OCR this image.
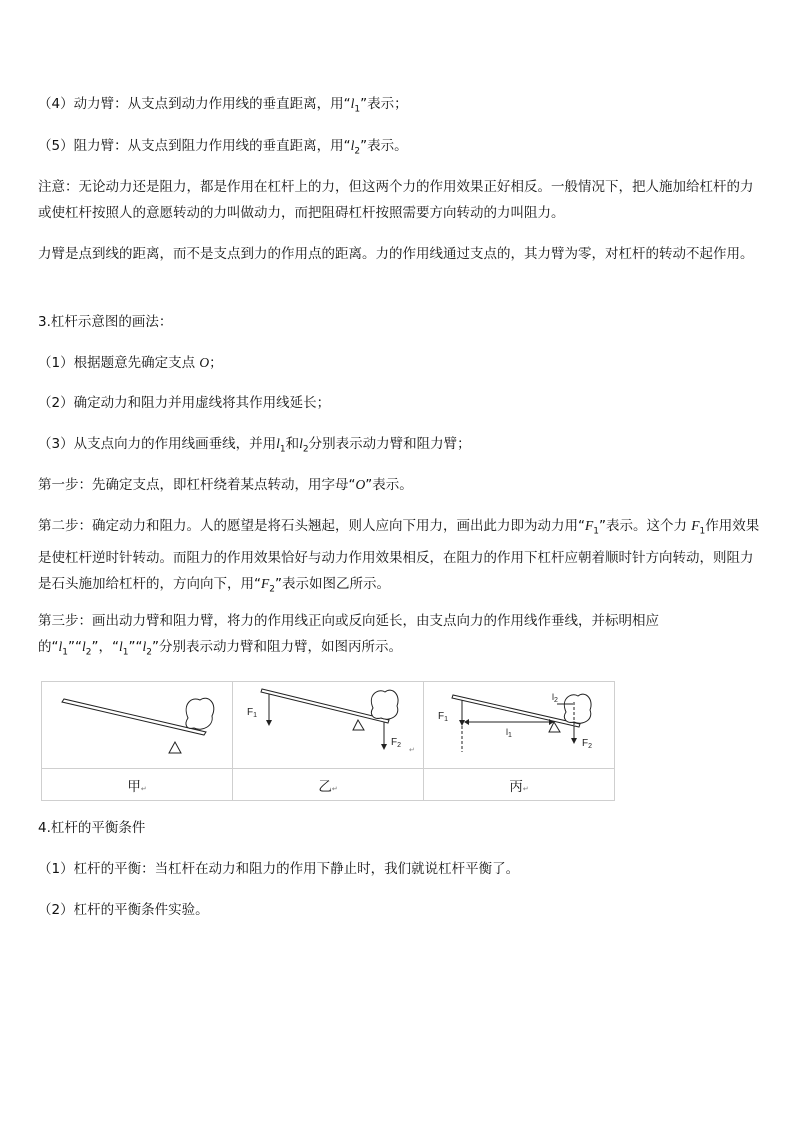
（4）动力臂：从支点到动力作用线的垂直距离，用“$l_1$”表示；
（5）阻力臂：从支点到阻力作用线的垂直距离，用“$l_2$”表示。
注意：无论动力还是阻力，都是作用在杠杆上的力，但这两个力的作用效果正好相反。一般情况下，把人施加给杠杆的力或使杠杆按照人的意愿转动的力叫做动力，而把阻碍杠杆按照需要方向转动的力叫阻力。
力臂是点到线的距离，而不是支点到力的作用点的距离。力的作用线通过支点的，其力臂为零，对杠杆的转动不起作用。
3.杠杆示意图的画法：
（1）根据题意先确定支点 O；
（2）确定动力和阻力并用虚线将其作用线延长；
（3）从支点向力的作用线画垂线，并用$l_1$和$l_2$分别表示动力臂和阻力臂；
第一步：先确定支点，即杠杆绕着某点转动，用字母“O”表示。
第二步：确定动力和阻力。人的愿望是将石头翘起，则人应向下用力，画出此力即为动力用“$F_1$”表示。这个力 $F_1$作用效果是使杠杆逆时针转动。而阻力的作用效果恰好与动力作用效果相反，在阻力的作用下杠杆应朝着顺时针方向转动，则阻力是石头施加给杠杆的，方向向下，用“$F_2$”表示如图乙所示。
第三步：画出动力臂和阻力臂，将力的作用线正向或反向延长，由支点向力的作用线作垂线，并标明相应的“$l_1”“l_2$”，“$l_1”“l_2$”分别表示动力臂和阻力臂，如图丙所示。

$F_1$
$F_2$
↵	$F_1$
$l_1$
$l_2$
$F_2$

甲↵	乙↵	丙↵
4.杠杆的平衡条件
（1）杠杆的平衡：当杠杆在动力和阻力的作用下静止时，我们就说杠杆平衡了。
（2）杠杆的平衡条件实验。
